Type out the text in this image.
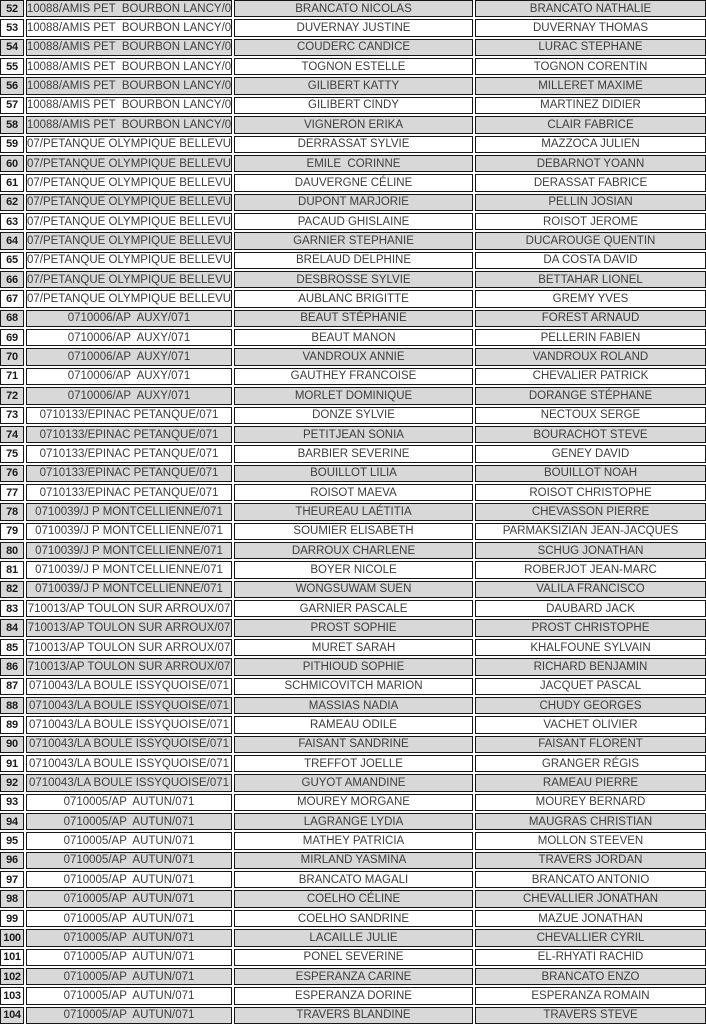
52 10088/AMIS PET  BOURBON LANCY/0	BRANCATO NICOLAS	BRANCATO NATHALIE
53 10088/AMIS PET  BOURBON LANCY/0	DUVERNAY JUSTINE	DUVERNAY THOMAS
54 10088/AMIS PET  BOURBON LANCY/0	COUDERC CANDICE	LURAC STEPHANE
55 10088/AMIS PET  BOURBON LANCY/0	TOGNON ESTELLE	TOGNON CORENTIN
56 10088/AMIS PET  BOURBON LANCY/0	GILIBERT KATTY	MILLERET MAXIME
57 10088/AMIS PET  BOURBON LANCY/0	GILIBERT CINDY	MARTINEZ DIDIER
58 10088/AMIS PET  BOURBON LANCY/0	VIGNERON ERIKA	CLAIR FABRICE
59 07/PETANQUE OLYMPIQUE BELLEVU	DERRASSAT SYLVIE	MAZZOCA JULIEN
60 07/PETANQUE OLYMPIQUE BELLEVU	EMILE  CORINNE	DEBARNOT YOANN
61 07/PETANQUE OLYMPIQUE BELLEVU	DAUVERGNE CÉLINE	DERASSAT FABRICE
62 07/PETANQUE OLYMPIQUE BELLEVU	DUPONT MARJORIE	PELLIN JOSIAN
63 07/PETANQUE OLYMPIQUE BELLEVU	PACAUD GHISLAINE	ROISOT JEROME
64 07/PETANQUE OLYMPIQUE BELLEVU	GARNIER STEPHANIE	DUCAROUGE QUENTIN
65 07/PETANQUE OLYMPIQUE BELLEVU	BRELAUD DELPHINE	DA COSTA DAVID
66 07/PETANQUE OLYMPIQUE BELLEVU	DESBROSSE SYLVIE	BETTAHAR LIONEL
67 07/PETANQUE OLYMPIQUE BELLEVU	AUBLANC BRIGITTE	GREMY YVES
68	0710006/AP  AUXY/071	BEAUT STÉPHANIE	FOREST ARNAUD
69	0710006/AP  AUXY/071	BEAUT MANON	PELLERIN FABIEN
70	0710006/AP  AUXY/071	VANDROUX ANNIE	VANDROUX ROLAND
71	0710006/AP  AUXY/071	GAUTHEY FRANCOISE	CHEVALIER PATRICK
72	0710006/AP  AUXY/071	MORLET DOMINIQUE	DORANGE STÉPHANE
73	0710133/EPINAC PETANQUE/071	DONZE SYLVIE	NECTOUX SERGE
74	0710133/EPINAC PETANQUE/071	PETITJEAN SONIA	BOURACHOT STEVE
75	0710133/EPINAC PETANQUE/071	BARBIER SEVERINE	GENEY DAVID
76	0710133/EPINAC PETANQUE/071	BOUILLOT LILIA	BOUILLOT NOAH
77	0710133/EPINAC PETANQUE/071	ROISOT MAEVA	ROISOT CHRISTOPHE
78	0710039/J P MONTCELLIENNE/071	THEUREAU LAÉTITIA	CHEVASSON PIERRE
79	0710039/J P MONTCELLIENNE/071	SOUMIER ELISABETH	PARMAKSIZIAN JEAN-JACQUES
80	0710039/J P MONTCELLIENNE/071	DARROUX CHARLENE	SCHUG JONATHAN
81	0710039/J P MONTCELLIENNE/071	BOYER NICOLE	ROBERJOT JEAN-MARC
82	0710039/J P MONTCELLIENNE/071	WONGSUWAM SUEN	VALILA FRANCISCO
83 710013/AP TOULON SUR ARROUX/07	GARNIER PASCALE	DAUBARD JACK
84 710013/AP TOULON SUR ARROUX/07	PROST SOPHIE	PROST CHRISTOPHE
85 710013/AP TOULON SUR ARROUX/07	MURET SARAH	KHALFOUNE SYLVAIN
86 710013/AP TOULON SUR ARROUX/07	PITHIOUD SOPHIE	RICHARD BENJAMIN
87 0710043/LA BOULE ISSYQUOISE/071	SCHMICOVITCH MARION	JACQUET PASCAL
88 0710043/LA BOULE ISSYQUOISE/071	MASSIAS NADIA	CHUDY GEORGES
89 0710043/LA BOULE ISSYQUOISE/071	RAMEAU ODILE	VACHET OLIVIER
90 0710043/LA BOULE ISSYQUOISE/071	FAISANT SANDRINE	FAISANT FLORENT
91 0710043/LA BOULE ISSYQUOISE/071	TREFFOT JOELLE	GRANGER RÉGIS
92 0710043/LA BOULE ISSYQUOISE/071	GUYOT AMANDINE	RAMEAU PIERRE
93	0710005/AP  AUTUN/071	MOUREY MORGANE	MOUREY BERNARD
94	0710005/AP  AUTUN/071	LAGRANGE LYDIA	MAUGRAS CHRISTIAN
95	0710005/AP  AUTUN/071	MATHEY PATRICIA	MOLLON STEEVEN
96	0710005/AP  AUTUN/071	MIRLAND YASMINA	TRAVERS JORDAN
97	0710005/AP  AUTUN/071	BRANCATO MAGALI	BRANCATO ANTONIO
98	0710005/AP  AUTUN/071	COELHO CÉLINE	CHEVALLIER JONATHAN
99	0710005/AP  AUTUN/071	COELHO SANDRINE	MAZUE JONATHAN
100	0710005/AP  AUTUN/071	LACAILLE JULIE	CHEVALLIER CYRIL
101	0710005/AP  AUTUN/071	PONEL SEVERINE	EL-RHYATI RACHID
102	0710005/AP  AUTUN/071	ESPERANZA CARINE	BRANCATO ENZO
103	0710005/AP  AUTUN/071	ESPERANZA DORINE	ESPERANZA ROMAIN
104	0710005/AP  AUTUN/071	TRAVERS BLANDINE	TRAVERS STEVE
